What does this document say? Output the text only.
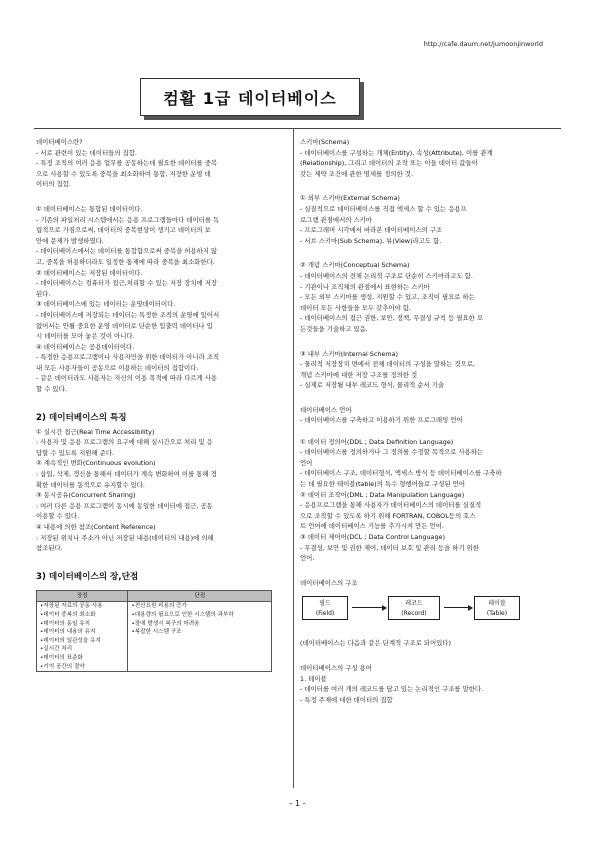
http://cafe.daum.net/jumoonjinworld
컴활 1급 데이터베이스
데이터베이스란?
- 서로 관련이 있는 데이터들의 집합.
- 특정 조직의 여러 응용 업무를 공동하는데 필요한 데이터를 중복
으로 사용할 수 있도록 중복을 최소화하여 통합, 저장한 운영 데
이터의 집합.
① 데이터베이스는 통합된 데이터이다.
- 기존의 파일처리 시스템에서는 응용 프로그램들마다 데이터를 독
립적으로 가짐으로써, 데이터의 중복현상이 생기고 데이터의 보
안에 문제가 발생하였다.
- 데이터베이스에서는 데이터를 통합함으로써 중복을 허용하지 않
고, 중복을 허용하더라도 일정한 통제에 따라 중복을 최소화한다.
② 데이터베이스는 저장된 데이터이다.
- 데이터베이스는 컴퓨터가 접근,처리할 수 있는 저장 장치에 저장
된다.
③ 데이터베이스에 있는 데이터는 운영데이터이다.
- 데이터베이스에 저장되는 데이터는 특정한 조직의 운영에 있어서
없어서는 안될 중요한 운영 데이터로 단순한 입출력 데이터나 입
시 데이터를 모아 놓은 것이 아니다.
④ 데이터베이스는 공용데이터이다.
- 특정한 응용프로그램이나 사용자만을 위한 데이터가 아니라 조직
내 모든 사용자들이 공동으로 이용하는 데이터의 집합이다.
- 같은 데이터라도 사용자는 자신의 이용 목적에 따라 다르게 사용
할 수 있다.
2) 데이터베이스의 특징
① 실시간 접근(Real Time Accessibility)
: 사용자 및 응용 프로그램의 요구에 대해 실시간으로 처리 및 응
답할 수 있도록 지원해 준다.
② 계속적인 변화(Continuous evolution)
: 삽입, 삭제, 갱신을 통해서 데이터가 계속 변화하여 이를 통해 정
확한 데이터를 동적으로 유지할수 있다.
③ 동시공유(Concurrent Sharing)
: 여러 다른 응용 프로그램이 동시에 동일한 데이터에 접근, 공동
이용할 수 있다.
④ 내용에 의한 참조(Content Reference)
: 저장된 위치나 주소가 아닌 저장된 내용(데이터의 내용)에 의해
참조된다.
3) 데이터베이스의 장,단점
장점	단점
•저장된 자료의 공동 사용	•전산요원 비용의 증가
•데이터 중복의 최소화	•대용량의 필요으로 인한 시스템의 과부하
•데이터의 동일 유지	•장애 발생시 복구의 어려움
•데이터의 내용의 유지	•복잡한 시스템 구조
•데이터의 일관성을 유지	
•실시간 처리	
•데이터의 표준화	
•기억 공간의 절약	
스키마(Schema)
- 데이터베이스를 구성하는 개체(Entity), 속성(Attribute), 이를 관계
(Relationship), 그리고 데이터의 조작 또는 이들 데이터 값들이
갖는 제약 조건에 관한 명세를 정의한 것.
① 외부 스키마(External Schema)
- 실질적으로 데이터베이스를 직접 엑세스 할 수 있는 응용프
로그램 관점에서의 스키마
- 프로그래머 시각에서 바라본 데이터베이스의 구조
- 서브 스키마(Sub Schema), 뷰(View)라고도 함.
② 개념 스키마(Conceptual Schema)
- 데이터베이스의 전체 논리적 구조로 단순히 스키마라고도 함.
- 기관이나 조직체의 관점에서 표현하는 스키마
- 모든 외부 스키마를 생성, 지원할 수 있고, 조직이 필요로 하는
데이터 모든 사항들을 모두 갖추어야 함.
- 데이터베이스의 접근 권한, 보안, 정책, 무결성 규칙 등 필요한 모
든것들을 기술하고 있음.
③ 내부 스키마(Internal Schema)
- 물리적 저장장치 면에서 전체 데이터의 구성을 말하는 것으로,
개념 스키마에 대한 저장 구조를 정의한 것
- 실제로 저장될 내부 레코드 형식, 물리적 순서 기술
데이터베이스 언어
- 데이터베이스를 구축하고 이용하기 위한 프로그래밍 언어
① 데이터 정의어(DDL ; Data Definition Language)
- 데이터베이스를 정의하거나 그 정의를 수정할 목적으로 사용하는
언어
- 데이터베이스 구조, 데이터형식, 액세스 방식 등 데이터베이스를 구축하
는 데 필요한 테이블(table)의 특수 형행어들로 구성된 언어
② 데이터 조작어(DML ; Data Manipulation Language)
- 응용프로그램을 통해 사용자가 데이터베이스의 데이터를 실질적
으로 조작할 수 있도록 하기 위해 FORTRAN, COBOL등의 호스
트 언어에 데이터베이스 기능를 추가시켜 만든 언어.
③ 데이터 제어어(DCL ; Data Control Language)
- 무결성, 보안 및 권한 제어, 데이터 보호 및 관리 등을 하기 위한
언어.
데이터베이스의 구조
필드
(Field)
레코드
(Record)
테이블
(Table)
(데이터베이스는 다음과 같은 단계적 구조로 되어있다)
데이터베이스의 구성 용어
1. 테이블
- 데이터를 여러 개의 레코드를 담고 있는 논리적인 구조를 말한다.
- 특정 주제에 대한 데이터의 집합
- 1 -
